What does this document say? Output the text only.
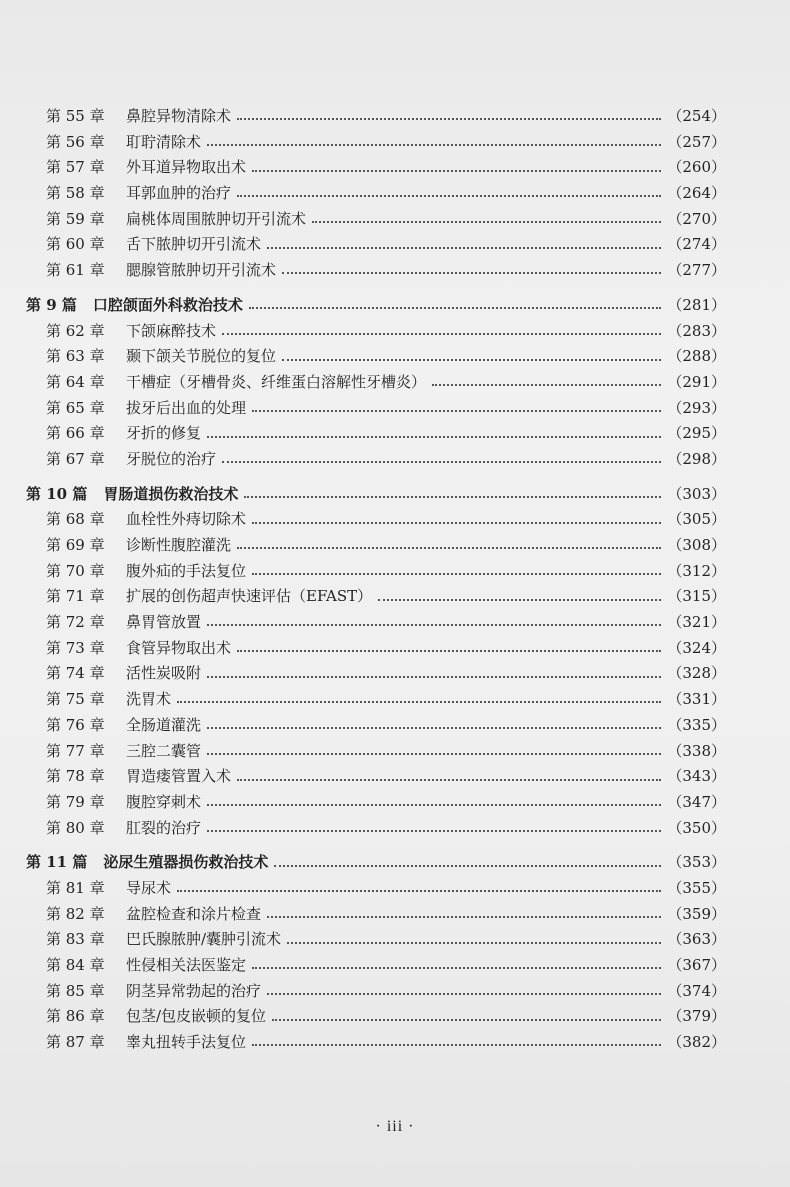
第 55 章	鼻腔异物清除术	（254）
第 56 章	耵聍清除术	（257）
第 57 章	外耳道异物取出术	（260）
第 58 章	耳郭血肿的治疗	（264）
第 59 章	扁桃体周围脓肿切开引流术	（270）
第 60 章	舌下脓肿切开引流术	（274）
第 61 章	腮腺管脓肿切开引流术	（277）
第 9 篇 口腔颌面外科救治技术	（281）
第 62 章	下颌麻醉技术	（283）
第 63 章	颞下颌关节脱位的复位	（288）
第 64 章	干槽症（牙槽骨炎、纤维蛋白溶解性牙槽炎）	（291）
第 65 章	拔牙后出血的处理	（293）
第 66 章	牙折的修复	（295）
第 67 章	牙脱位的治疗	（298）
第 10 篇 胃肠道损伤救治技术	（303）
第 68 章	血栓性外痔切除术	（305）
第 69 章	诊断性腹腔灌洗	（308）
第 70 章	腹外疝的手法复位	（312）
第 71 章	扩展的创伤超声快速评估（EFAST）	（315）
第 72 章	鼻胃管放置	（321）
第 73 章	食管异物取出术	（324）
第 74 章	活性炭吸附	（328）
第 75 章	洗胃术	（331）
第 76 章	全肠道灌洗	（335）
第 77 章	三腔二囊管	（338）
第 78 章	胃造瘘管置入术	（343）
第 79 章	腹腔穿刺术	（347）
第 80 章	肛裂的治疗	（350）
第 11 篇 泌尿生殖器损伤救治技术	（353）
第 81 章	导尿术	（355）
第 82 章	盆腔检查和涂片检查	（359）
第 83 章	巴氏腺脓肿/囊肿引流术	（363）
第 84 章	性侵相关法医鉴定	（367）
第 85 章	阴茎异常勃起的治疗	（374）
第 86 章	包茎/包皮嵌顿的复位	（379）
第 87 章	睾丸扭转手法复位	（382）
· iii ·
